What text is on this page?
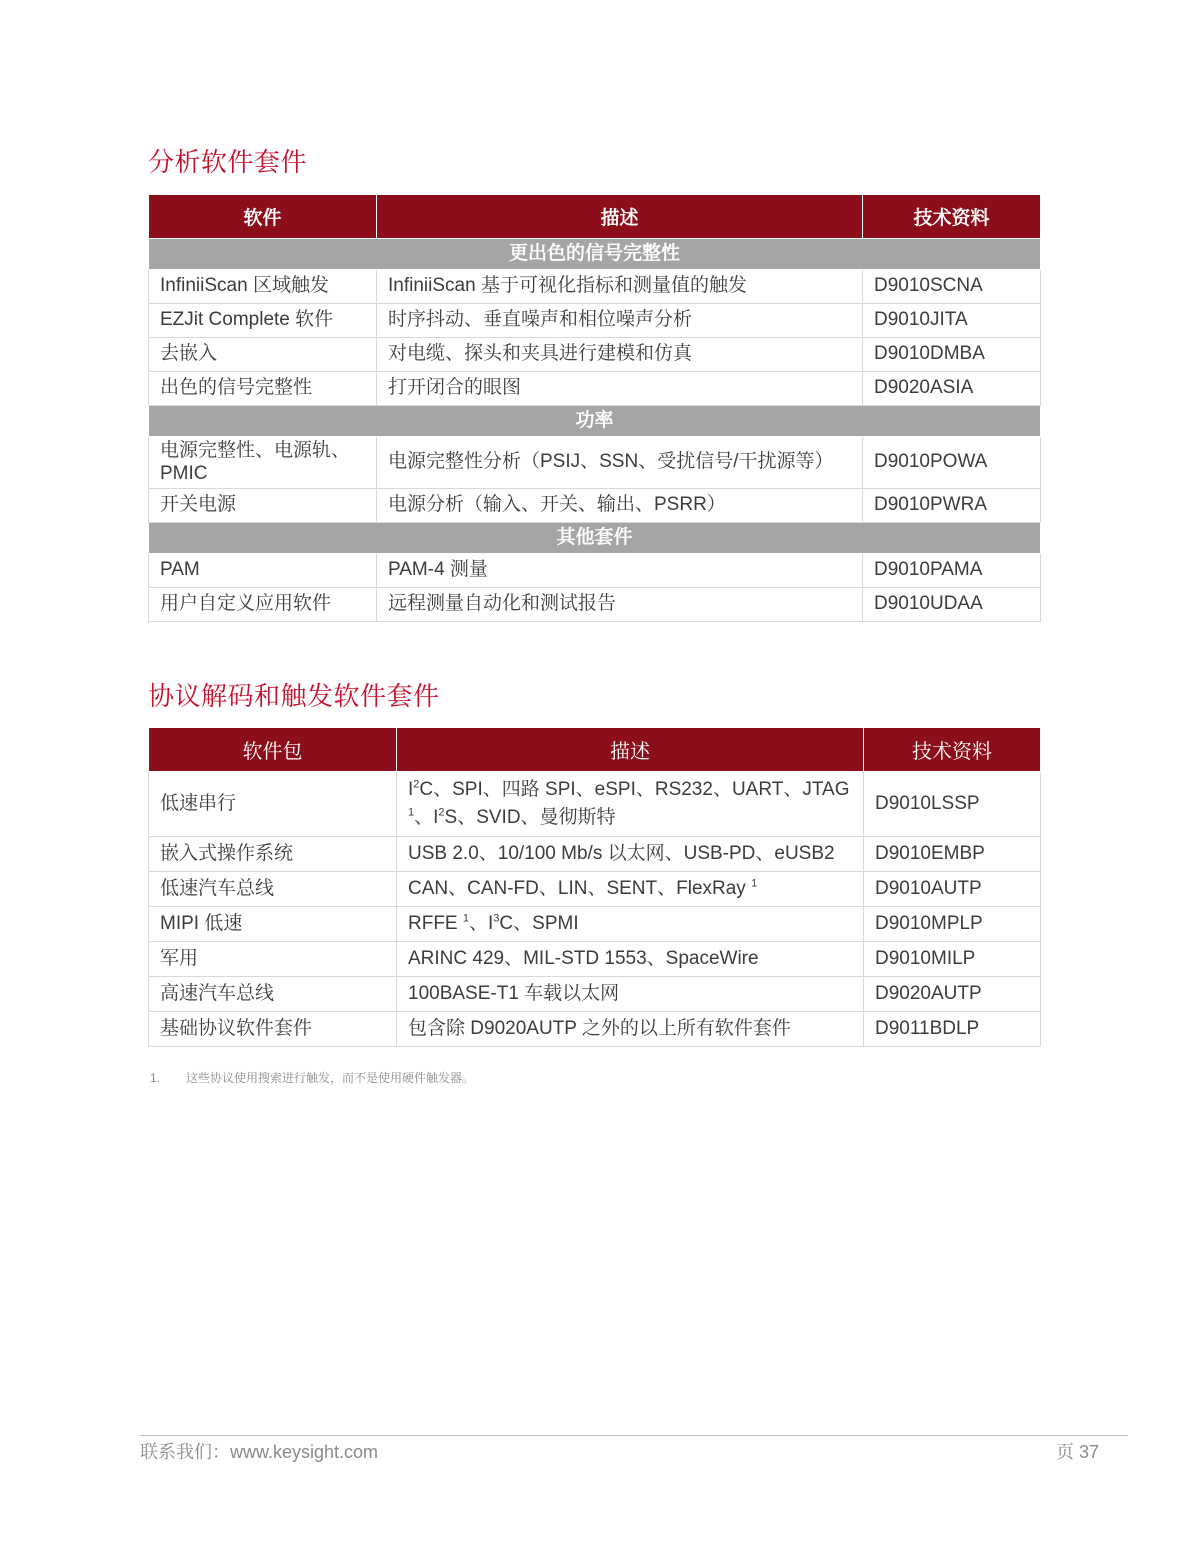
分析软件套件
软件	描述	技术资料
更出色的信号完整性		
InfiniiScan 区域触发	InfiniiScan 基于可视化指标和测量值的触发	D9010SCNA
EZJit Complete 软件	时序抖动、垂直噪声和相位噪声分析	D9010JITA
去嵌入	对电缆、探头和夹具进行建模和仿真	D9010DMBA
出色的信号完整性	打开闭合的眼图	D9020ASIA
功率		
电源完整性、电源轨、PMIC	电源完整性分析（PSIJ、SSN、受扰信号/干扰源等）	D9010POWA
开关电源	电源分析（输入、开关、输出、PSRR）	D9010PWRA
其他套件		
PAM	PAM-4 测量	D9010PAMA
用户自定义应用软件	远程测量自动化和测试报告	D9010UDAA
协议解码和触发软件套件
软件包	描述	技术资料
低速串行	$I^2C$、SPI、四路 SPI、eSPI、RS232、UART、JTAG $^1$、$I^2S$、SVID、曼彻斯特	D9010LSSP
嵌入式操作系统	USB 2.0、10/100 Mb/s 以太网、USB-PD、eUSB2	D9010EMBP
低速汽车总线	CAN、CAN-FD、LIN、SENT、FlexRay $^1$	D9010AUTP
MIPI 低速	RFFE $^1$、$I^3C$、SPMI	D9010MPLP
军用	ARINC 429、MIL-STD 1553、SpaceWire	D9010MILP
高速汽车总线	100BASE-T1 车载以太网	D9020AUTP
基础协议软件套件	包含除 D9020AUTP 之外的以上所有软件套件	D9011BDLP
1. 这些协议使用搜索进行触发，而不是使用硬件触发器。
联系我们：www.keysight.com	页 37
